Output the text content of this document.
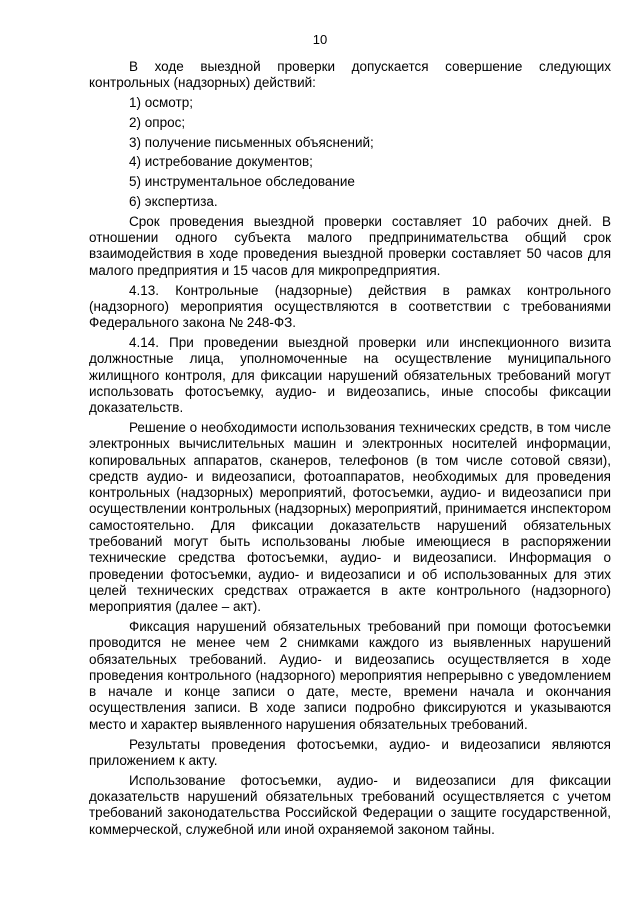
10

В ходе выездной проверки допускается совершение следующих контрольных (надзорных) действий:

1) осмотр;
2) опрос;
3) получение письменных объяснений;
4) истребование документов;
5) инструментальное обследование
6) экспертиза.

Срок проведения выездной проверки составляет 10 рабочих дней. В отношении одного субъекта малого предпринимательства общий срок взаимодействия в ходе проведения выездной проверки составляет 50 часов для малого предприятия и 15 часов для микропредприятия.

4.13. Контрольные (надзорные) действия в рамках контрольного (надзорного) мероприятия осуществляются в соответствии с требованиями Федерального закона № 248-ФЗ.

4.14. При проведении выездной проверки или инспекционного визита должностные лица, уполномоченные на осуществление муниципального жилищного контроля, для фиксации нарушений обязательных требований могут использовать фотосъемку, аудио- и видеозапись, иные способы фиксации доказательств.

Решение о необходимости использования технических средств, в том числе электронных вычислительных машин и электронных носителей информации, копировальных аппаратов, сканеров, телефонов (в том числе сотовой связи), средств аудио- и видеозаписи, фотоаппаратов, необходимых для проведения контрольных (надзорных) мероприятий, фотосъемки, аудио- и видеозаписи при осуществлении контрольных (надзорных) мероприятий, принимается инспектором самостоятельно. Для фиксации доказательств нарушений обязательных требований могут быть использованы любые имеющиеся в распоряжении технические средства фотосъемки, аудио- и видеозаписи. Информация о проведении фотосъемки, аудио- и видеозаписи и об использованных для этих целей технических средствах отражается в акте контрольного (надзорного) мероприятия (далее – акт).

Фиксация нарушений обязательных требований при помощи фотосъемки проводится не менее чем 2 снимками каждого из выявленных нарушений обязательных требований. Аудио- и видеозапись осуществляется в ходе проведения контрольного (надзорного) мероприятия непрерывно с уведомлением в начале и конце записи о дате, месте, времени начала и окончания осуществления записи. В ходе записи подробно фиксируются и указываются место и характер выявленного нарушения обязательных требований.

Результаты проведения фотосъемки, аудио- и видеозаписи являются приложением к акту.

Использование фотосъемки, аудио- и видеозаписи для фиксации доказательств нарушений обязательных требований осуществляется с учетом требований законодательства Российской Федерации о защите государственной, коммерческой, служебной или иной охраняемой законом тайны.
